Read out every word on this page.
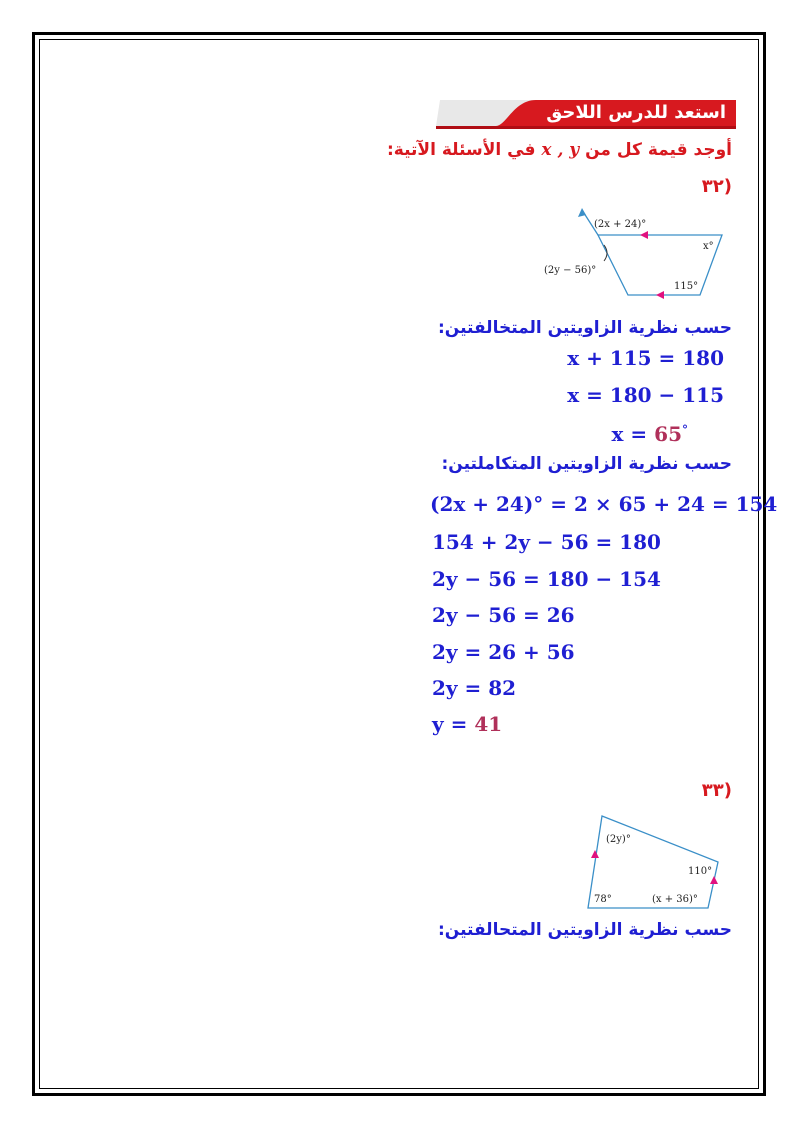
استعد للدرس اللاحق
أوجد قيمة كل من x , y في الأسئلة الآتية:
(٣٢
(2x + 24)°
(2y − 56)°
x°
115°
حسب نظرية الزاويتين المتخالفتين:
x + 115 = 180
x = 180 − 115
x = 65°
حسب نظرية الزاويتين المتكاملتين:
(2x + 24)° = 2 × 65 + 24 = 154
154 + 2y − 56 = 180
2y − 56 = 180 − 154
2y − 56 = 26
2y = 26 + 56
2y = 82
y = 41
(٣٣
(2y)°
110°
78°	(x + 36)°
حسب نظرية الزاويتين المتحالفتين:
